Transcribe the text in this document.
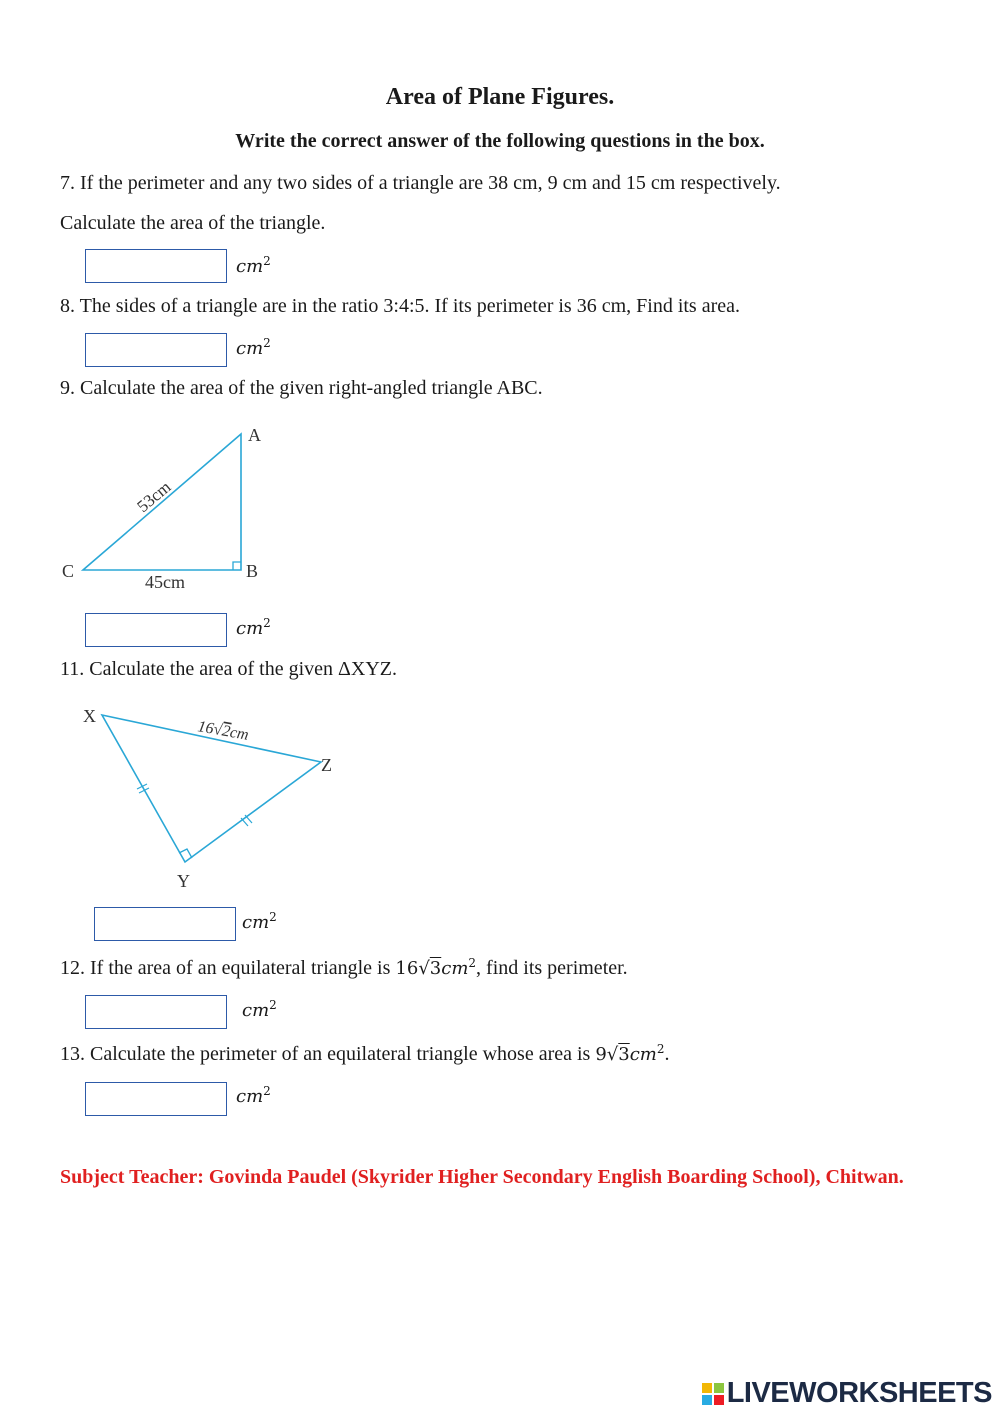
Area of Plane Figures.
Write the correct answer of the following questions in the box.
7. If the perimeter and any two sides of a triangle are 38 cm, 9 cm and 15 cm respectively.
Calculate the area of the triangle.
$cm^2$
8. The sides of a triangle are in the ratio 3:4:5. If its perimeter is 36 cm, Find its area.
$cm^2$
9. Calculate the area of the given right-angled triangle ABC.
A
B
C
53cm
45cm
$cm^2$
11. Calculate the area of the given ΔXYZ.
X
Y
Z
16√2cm
$cm^2$
12. If the area of an equilateral triangle is $16√3cm^2$, find its perimeter.
$cm^2$
13. Calculate the perimeter of an equilateral triangle whose area is $9√3cm^2$.
$cm^2$
Subject Teacher: Govinda Paudel (Skyrider Higher Secondary English Boarding School), Chitwan.
LIVEWORKSHEETS
